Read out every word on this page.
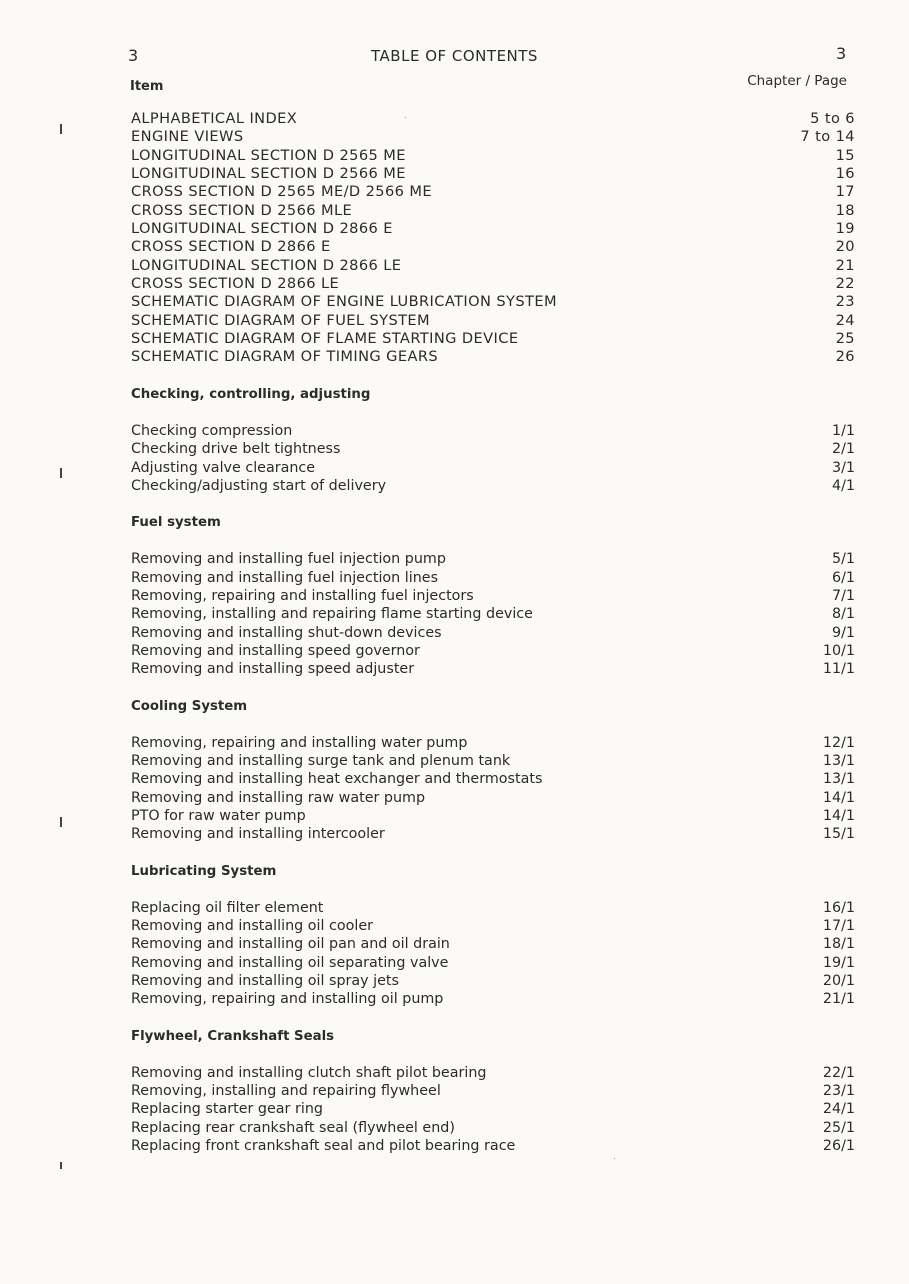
3	TABLE OF CONTENTS	3
Item	Chapter / Page
ALPHABETICAL INDEX	5 to 6
ENGINE VIEWS	7 to 14
LONGITUDINAL SECTION D 2565 ME	15
LONGITUDINAL SECTION D 2566 ME	16
CROSS SECTION D 2565 ME/D 2566 ME	17
CROSS SECTION D 2566 MLE	18
LONGITUDINAL SECTION D 2866 E	19
CROSS SECTION D 2866 E	20
LONGITUDINAL SECTION D 2866 LE	21
CROSS SECTION D 2866 LE	22
SCHEMATIC DIAGRAM OF ENGINE LUBRICATION SYSTEM	23
SCHEMATIC DIAGRAM OF FUEL SYSTEM	24
SCHEMATIC DIAGRAM OF FLAME STARTING DEVICE	25
SCHEMATIC DIAGRAM OF TIMING GEARS	26
Checking, controlling, adjusting
Checking compression	1/1
Checking drive belt tightness	2/1
Adjusting valve clearance	3/1
Checking/adjusting start of delivery	4/1
Fuel system
Removing and installing fuel injection pump	5/1
Removing and installing fuel injection lines	6/1
Removing, repairing and installing fuel injectors	7/1
Removing, installing and repairing flame starting device	8/1
Removing and installing shut-down devices	9/1
Removing and installing speed governor	10/1
Removing and installing speed adjuster	11/1
Cooling System
Removing, repairing and installing water pump	12/1
Removing and installing surge tank and plenum tank	13/1
Removing and installing heat exchanger and thermostats	13/1
Removing and installing raw water pump	14/1
PTO for raw water pump	14/1
Removing and installing intercooler	15/1
Lubricating System
Replacing oil filter element	16/1
Removing and installing oil cooler	17/1
Removing and installing oil pan and oil drain	18/1
Removing and installing oil separating valve	19/1
Removing and installing oil spray jets	20/1
Removing, repairing and installing oil pump	21/1
Flywheel, Crankshaft Seals
Removing and installing clutch shaft pilot bearing	22/1
Removing, installing and repairing flywheel	23/1
Replacing starter gear ring	24/1
Replacing rear crankshaft seal (flywheel end)	25/1
Replacing front crankshaft seal and pilot bearing race	26/1
